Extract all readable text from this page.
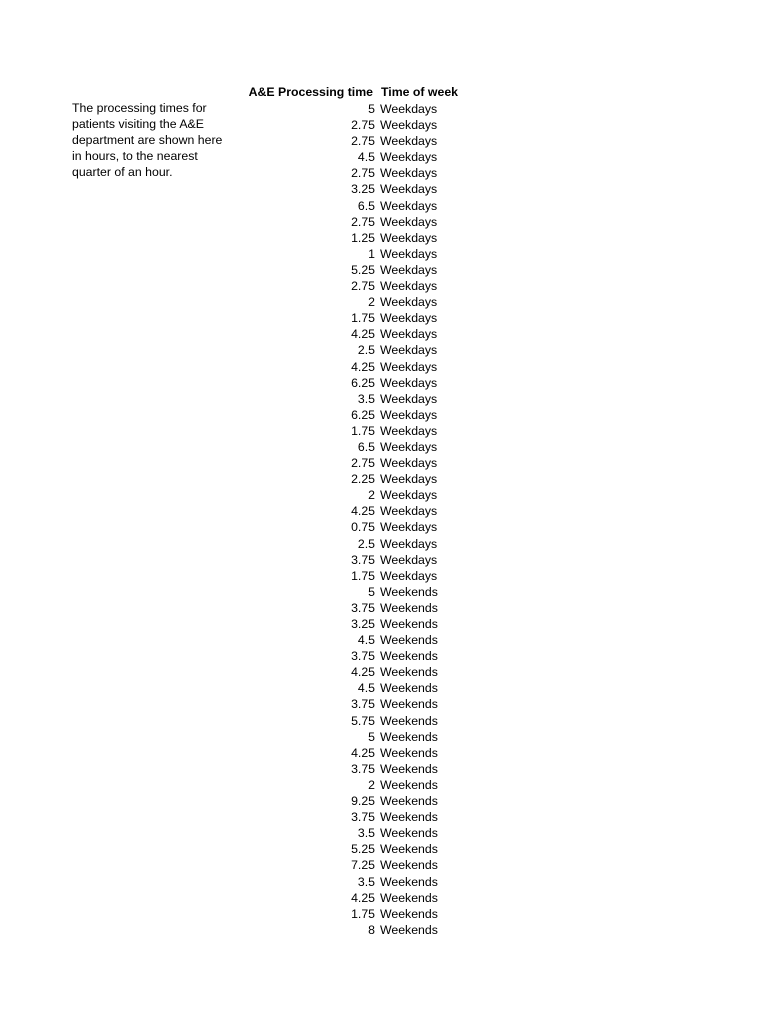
The processing times for
patients visiting the A&E
department are shown here
in hours, to the nearest
quarter of an hour.
A&E Processing time Time of week
5 Weekdays
2.75 Weekdays
2.75 Weekdays
4.5 Weekdays
2.75 Weekdays
3.25 Weekdays
6.5 Weekdays
2.75 Weekdays
1.25 Weekdays
1 Weekdays
5.25 Weekdays
2.75 Weekdays
2 Weekdays
1.75 Weekdays
4.25 Weekdays
2.5 Weekdays
4.25 Weekdays
6.25 Weekdays
3.5 Weekdays
6.25 Weekdays
1.75 Weekdays
6.5 Weekdays
2.75 Weekdays
2.25 Weekdays
2 Weekdays
4.25 Weekdays
0.75 Weekdays
2.5 Weekdays
3.75 Weekdays
1.75 Weekdays
5 Weekends
3.75 Weekends
3.25 Weekends
4.5 Weekends
3.75 Weekends
4.25 Weekends
4.5 Weekends
3.75 Weekends
5.75 Weekends
5 Weekends
4.25 Weekends
3.75 Weekends
2 Weekends
9.25 Weekends
3.75 Weekends
3.5 Weekends
5.25 Weekends
7.25 Weekends
3.5 Weekends
4.25 Weekends
1.75 Weekends
8 Weekends
